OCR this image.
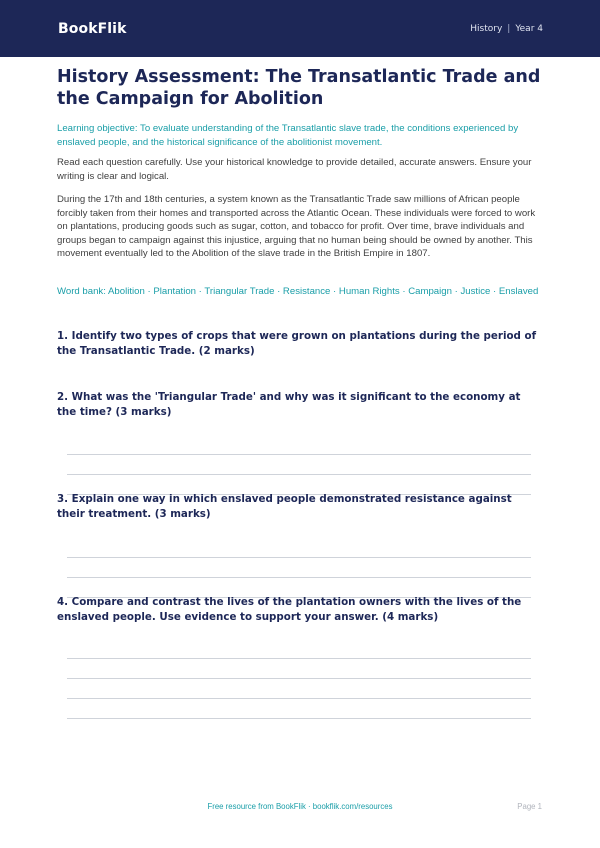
BookFlik	History | Year 4
History Assessment: The Transatlantic Trade and the Campaign for Abolition

Learning objective: To evaluate understanding of the Transatlantic slave trade, the conditions experienced by enslaved people, and the historical significance of the abolitionist movement.

Read each question carefully. Use your historical knowledge to provide detailed, accurate answers. Ensure your writing is clear and logical.

During the 17th and 18th centuries, a system known as the Transatlantic Trade saw millions of African people forcibly taken from their homes and transported across the Atlantic Ocean. These individuals were forced to work on plantations, producing goods such as sugar, cotton, and tobacco for profit. Over time, brave individuals and groups began to campaign against this injustice, arguing that no human being should be owned by another. This movement eventually led to the Abolition of the slave trade in the British Empire in 1807.

Word bank: Abolition · Plantation · Triangular Trade · Resistance · Human Rights · Campaign · Justice · Enslaved

1. Identify two types of crops that were grown on plantations during the period of the Transatlantic Trade. (2 marks)
2. What was the 'Triangular Trade' and why was it significant to the economy at the time? (3 marks)
3. Explain one way in which enslaved people demonstrated resistance against their treatment. (3 marks)
4. Compare and contrast the lives of the plantation owners with the lives of the enslaved people. Use evidence to support your answer. (4 marks)
Free resource from BookFlik · bookflik.com/resources	Page 1
